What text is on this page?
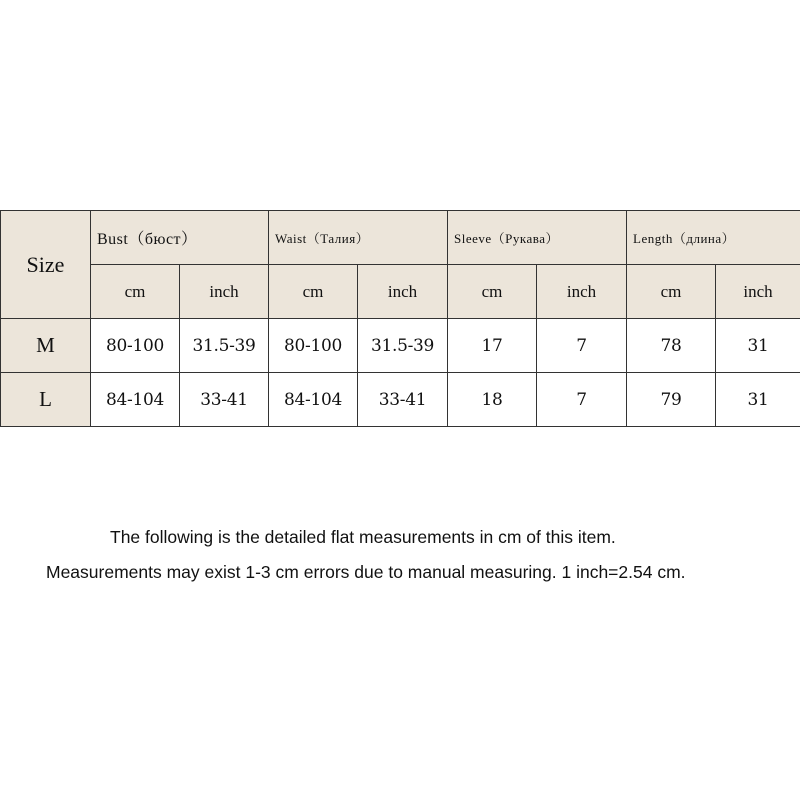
Size	Bust（бюст）		Waist（Талия）		Sleeve（Рукава）		Length（длина）	
	cm	inch	cm	inch	cm	inch	cm	inch
M	80-100	31.5-39	80-100	31.5-39	17	7	78	31
L	84-104	33-41	84-104	33-41	18	7	79	31
The following is the detailed flat measurements in cm of this item.
Measurements may exist 1-3 cm errors due to manual measuring. 1 inch=2.54 cm.
